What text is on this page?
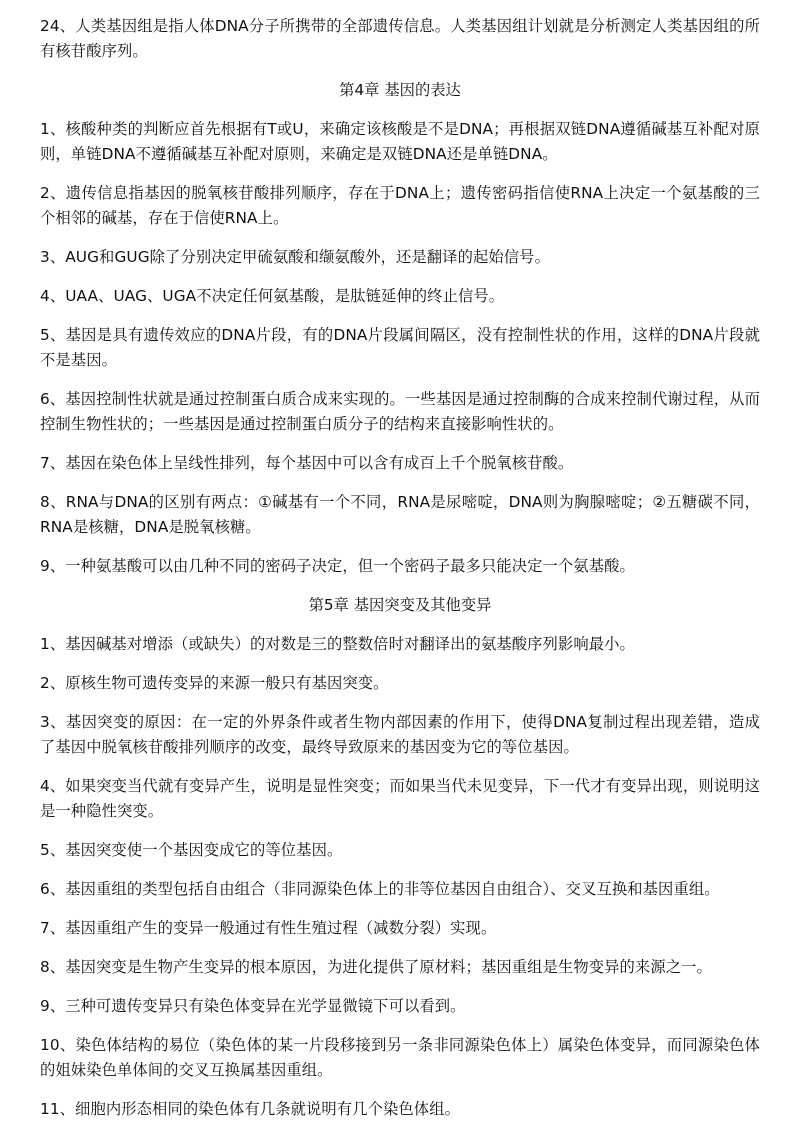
24、人类基因组是指人体DNA分子所携带的全部遗传信息。人类基因组计划就是分析测定人类基因组的所有核苷酸序列。

第4章 基因的表达

1、核酸种类的判断应首先根据有T或U，来确定该核酸是不是DNA；再根据双链DNA遵循碱基互补配对原则，单链DNA不遵循碱基互补配对原则，来确定是双链DNA还是单链DNA。

2、遗传信息指基因的脱氧核苷酸排列顺序，存在于DNA上；遗传密码指信使RNA上决定一个氨基酸的三个相邻的碱基，存在于信使RNA上。

3、AUG和GUG除了分别决定甲硫氨酸和缬氨酸外，还是翻译的起始信号。

4、UAA、UAG、UGA不决定任何氨基酸，是肽链延伸的终止信号。

5、基因是具有遗传效应的DNA片段，有的DNA片段属间隔区，没有控制性状的作用，这样的DNA片段就不是基因。

6、基因控制性状就是通过控制蛋白质合成来实现的。一些基因是通过控制酶的合成来控制代谢过程，从而控制生物性状的；一些基因是通过控制蛋白质分子的结构来直接影响性状的。

7、基因在染色体上呈线性排列，每个基因中可以含有成百上千个脱氧核苷酸。

8、RNA与DNA的区别有两点：①碱基有一个不同，RNA是尿嘧啶，DNA则为胸腺嘧啶；②五糖碳不同，RNA是核糖，DNA是脱氧核糖。

9、一种氨基酸可以由几种不同的密码子决定，但一个密码子最多只能决定一个氨基酸。

第5章 基因突变及其他变异

1、基因碱基对增添（或缺失）的对数是三的整数倍时对翻译出的氨基酸序列影响最小。

2、原核生物可遗传变异的来源一般只有基因突变。

3、基因突变的原因：在一定的外界条件或者生物内部因素的作用下，使得DNA复制过程出现差错，造成了基因中脱氧核苷酸排列顺序的改变，最终导致原来的基因变为它的等位基因。

4、如果突变当代就有变异产生，说明是显性突变；而如果当代未见变异，下一代才有变异出现，则说明这是一种隐性突变。

5、基因突变使一个基因变成它的等位基因。

6、基因重组的类型包括自由组合（非同源染色体上的非等位基因自由组合）、交叉互换和基因重组。

7、基因重组产生的变异一般通过有性生殖过程（减数分裂）实现。

8、基因突变是生物产生变异的根本原因，为进化提供了原材料；基因重组是生物变异的来源之一。

9、三种可遗传变异只有染色体变异在光学显微镜下可以看到。

10、染色体结构的易位（染色体的某一片段移接到另一条非同源染色体上）属染色体变异，而同源染色体的姐妹染色单体间的交叉互换属基因重组。

11、细胞内形态相同的染色体有几条就说明有几个染色体组。
